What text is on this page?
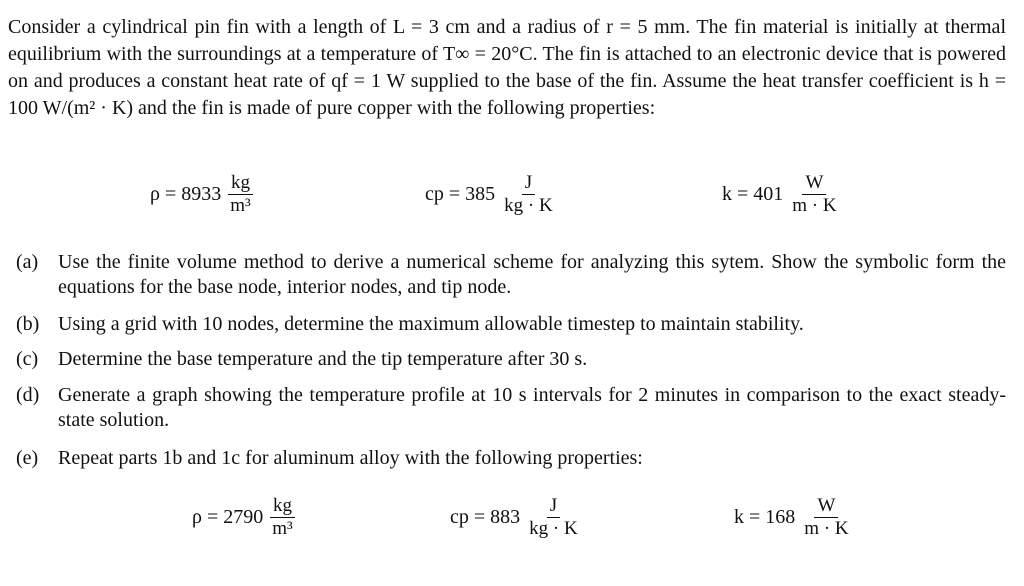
Consider a cylindrical pin fin with a length of L = 3 cm and a radius of r = 5 mm. The fin material is initially at thermal equilibrium with the surroundings at a temperature of T∞ = 20°C. The fin is attached to an electronic device that is powered on and produces a constant heat rate of qf = 1 W supplied to the base of the fin. Assume the heat transfer coefficient is h = 100 W/(m² · K) and the fin is made of pure copper with the following properties:

$\rho = 8933 \frac{kg}{\text{m³}}$	cp = $385 \frac{J}{kg \cdot K}$	$k = 401 \frac{W}{m \cdot K}$
(a) Use the finite volume method to derive a numerical scheme for analyzing this sytem. Show the symbolic form the equations for the base node, interior nodes, and tip node.
(b) Using a grid with 10 nodes, determine the maximum allowable timestep to maintain stability.
(c) Determine the base temperature and the tip temperature after 30 s.
(d) Generate a graph showing the temperature profile at 10 s intervals for 2 minutes in comparison to the exact steady-state solution.
(e) Repeat parts 1b and 1c for aluminum alloy with the following properties:
$\rho = 2790 \frac{kg}{\text{m³}}$	cp = $883 \frac{J}{kg \cdot K}$	$k = 168 \frac{W}{m \cdot K}$
